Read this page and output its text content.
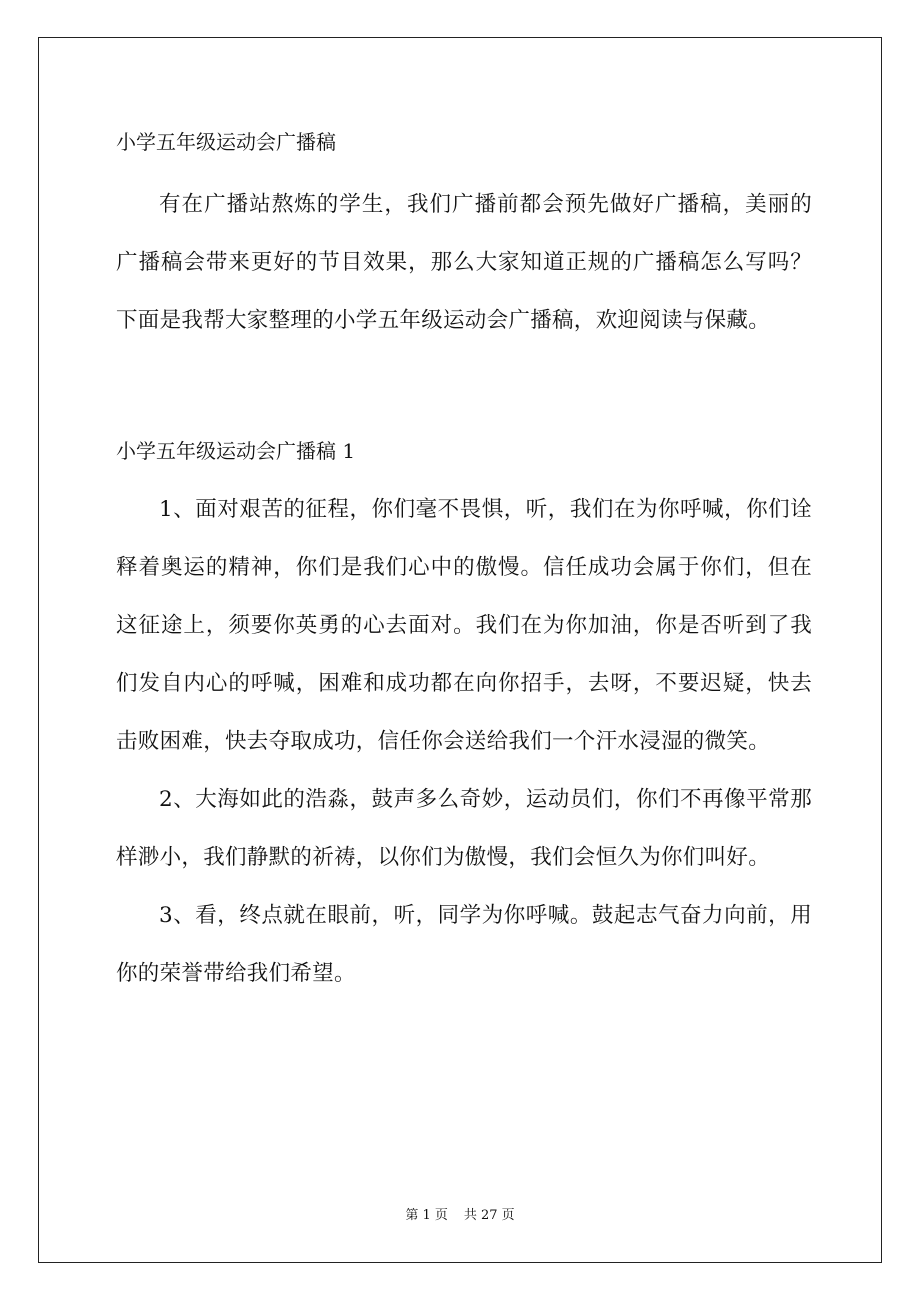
小学五年级运动会广播稿

有在广播站熬炼的学生，我们广播前都会预先做好广播稿，美丽的广播稿会带来更好的节目效果，那么大家知道正规的广播稿怎么写吗？下面是我帮大家整理的小学五年级运动会广播稿，欢迎阅读与保藏。

小学五年级运动会广播稿 1

1、面对艰苦的征程，你们毫不畏惧，听，我们在为你呼喊，你们诠释着奥运的精神，你们是我们心中的傲慢。信任成功会属于你们，但在这征途上，须要你英勇的心去面对。我们在为你加油，你是否听到了我们发自内心的呼喊，困难和成功都在向你招手，去呀，不要迟疑，快去击败困难，快去夺取成功，信任你会送给我们一个汗水浸湿的微笑。

2、大海如此的浩淼，鼓声多么奇妙，运动员们，你们不再像平常那样渺小，我们静默的祈祷，以你们为傲慢，我们会恒久为你们叫好。

3、看，终点就在眼前，听，同学为你呼喊。鼓起志气奋力向前，用你的荣誉带给我们希望。

第 1 页 共 27 页
